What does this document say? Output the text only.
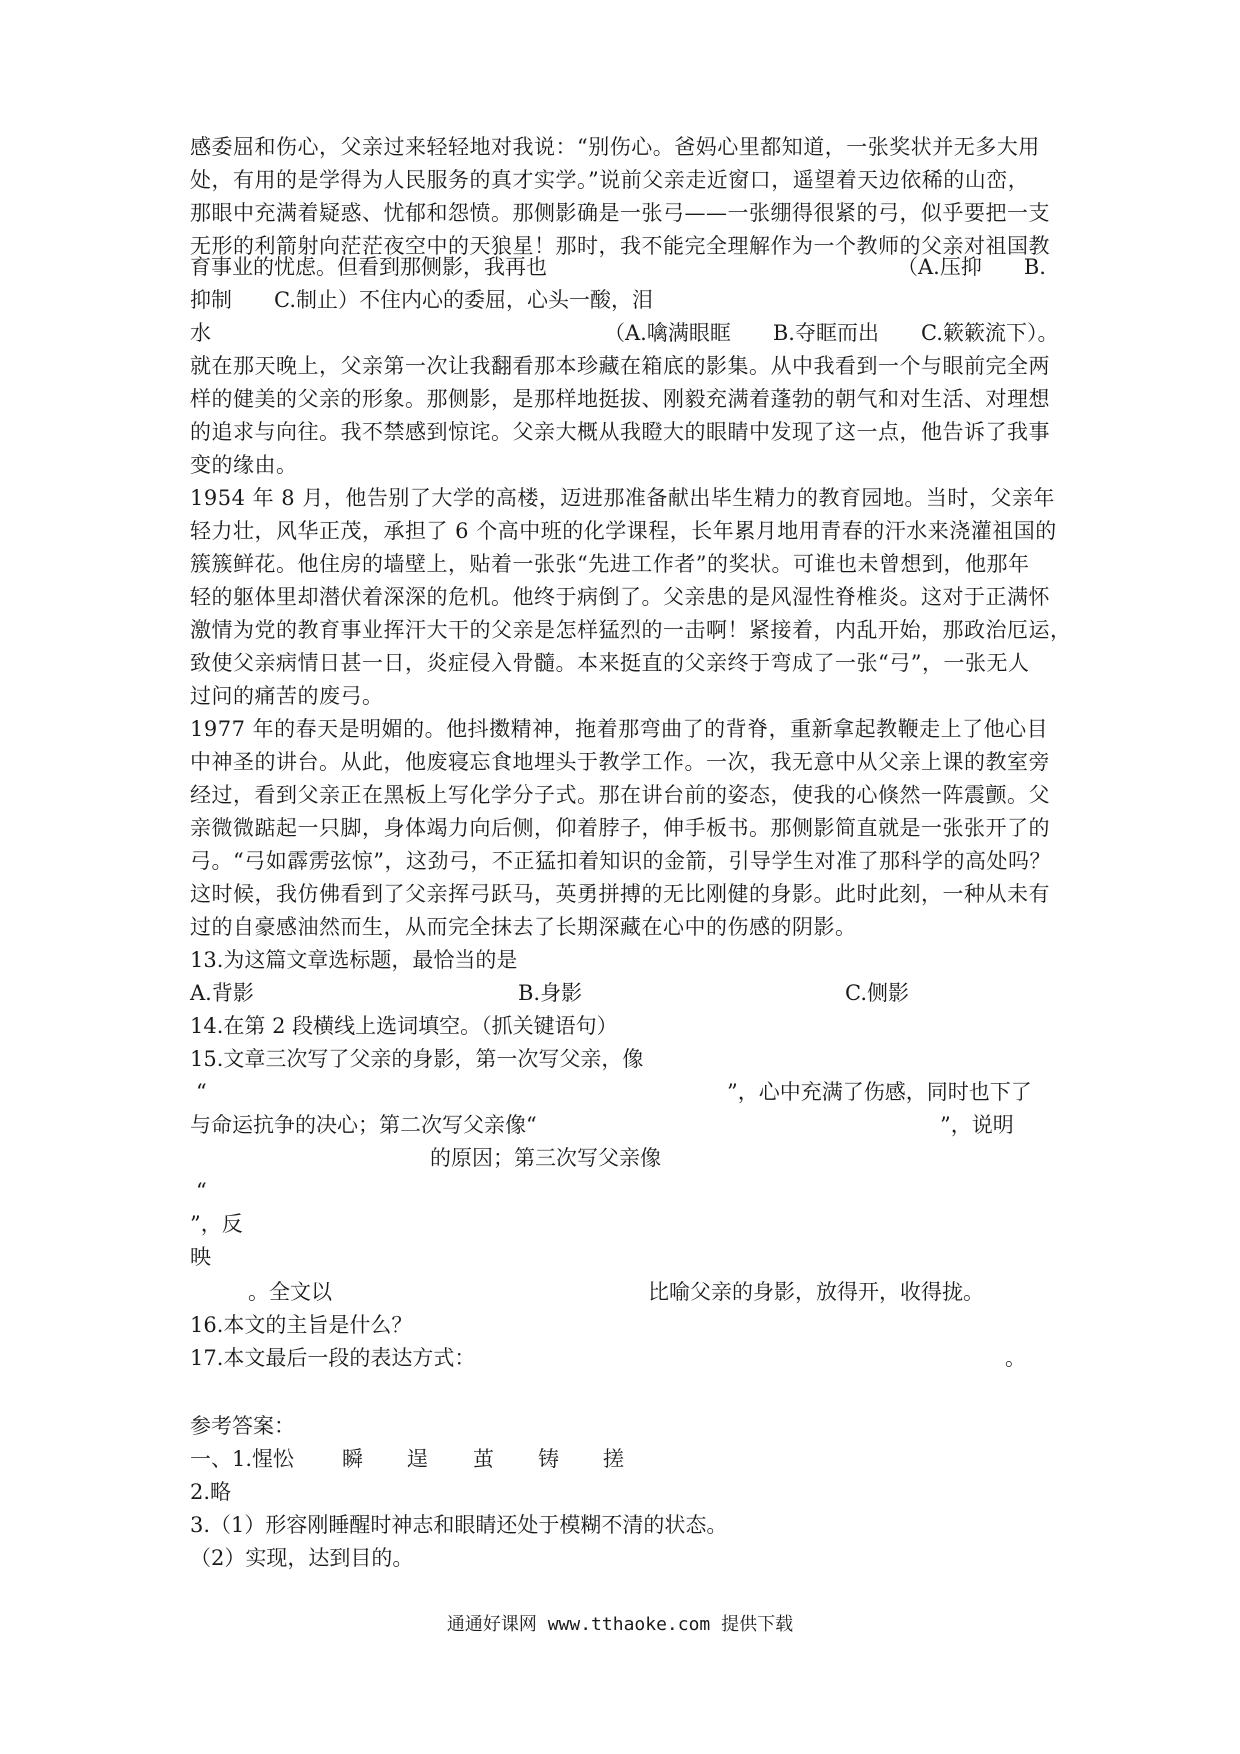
感委屈和伤心，父亲过来轻轻地对我说：“别伤心。爸妈心里都知道，一张奖状并无多大用
处，有用的是学得为人民服务的真才实学。”说前父亲走近窗口，遥望着天边依稀的山峦，
那眼中充满着疑惑、忧郁和怨愤。那侧影确是一张弓——一张绷得很紧的弓，似乎要把一支
无形的利箭射向茫茫夜空中的天狼星！那时，我不能完全理解作为一个教师的父亲对祖国教
育事业的忧虑。但看到那侧影，我再也	（A.压抑　　B.
抑制　　C.制止）不住内心的委屈，心头一酸，泪
水	（A.噙满眼眶　　B.夺眶而出　　C.簌簌流下）。
就在那天晚上，父亲第一次让我翻看那本珍藏在箱底的影集。从中我看到一个与眼前完全两
样的健美的父亲的形象。那侧影，是那样地挺拔、刚毅充满着蓬勃的朝气和对生活、对理想
的追求与向往。我不禁感到惊诧。父亲大概从我瞪大的眼睛中发现了这一点，他告诉了我事
变的缘由。
1954 年 8 月，他告别了大学的高楼，迈进那准备献出毕生精力的教育园地。当时，父亲年
轻力壮，风华正茂，承担了 6 个高中班的化学课程，长年累月地用青春的汗水来浇灌祖国的
簇簇鲜花。他住房的墙壁上，贴着一张张“先进工作者”的奖状。可谁也未曾想到，他那年
轻的躯体里却潜伏着深深的危机。他终于病倒了。父亲患的是风湿性脊椎炎。这对于正满怀
激情为党的教育事业挥汗大干的父亲是怎样猛烈的一击啊！紧接着，内乱开始，那政治厄运，
致使父亲病情日甚一日，炎症侵入骨髓。本来挺直的父亲终于弯成了一张“弓”，一张无人
过问的痛苦的废弓。
1977 年的春天是明媚的。他抖擞精神，拖着那弯曲了的背脊，重新拿起教鞭走上了他心目
中神圣的讲台。从此，他废寝忘食地埋头于教学工作。一次，我无意中从父亲上课的教室旁
经过，看到父亲正在黑板上写化学分子式。那在讲台前的姿态，使我的心倏然一阵震颤。父
亲微微踮起一只脚，身体竭力向后侧，仰着脖子，伸手板书。那侧影简直就是一张张开了的
弓。“弓如霹雳弦惊”，这劲弓，不正猛扣着知识的金箭，引导学生对准了那科学的高处吗？
这时候，我仿佛看到了父亲挥弓跃马，英勇拼搏的无比刚健的身影。此时此刻，一种从未有
过的自豪感油然而生，从而完全抹去了长期深藏在心中的伤感的阴影。
13.为这篇文章选标题，最恰当的是
A.背影	B.身影	C.侧影
14.在第 2 段横线上选词填空。（抓关键语句）
15.文章三次写了父亲的身影，第一次写父亲，像
“	”，心中充满了伤感，同时也下了
与命运抗争的决心；第二次写父亲像“	”，说明
的原因；第三次写父亲像
“
”，反
映
。全文以	比喻父亲的身影，放得开，收得拢。
16.本文的主旨是什么？
17.本文最后一段的表达方式：	。
参考答案：
一、1.惺忪 瞬 逞 茧 铸 搓
2.略
3.（1）形容刚睡醒时神志和眼睛还处于模糊不清的状态。
（2）实现，达到目的。
通通好课网 www.tthaoke.com 提供下载
